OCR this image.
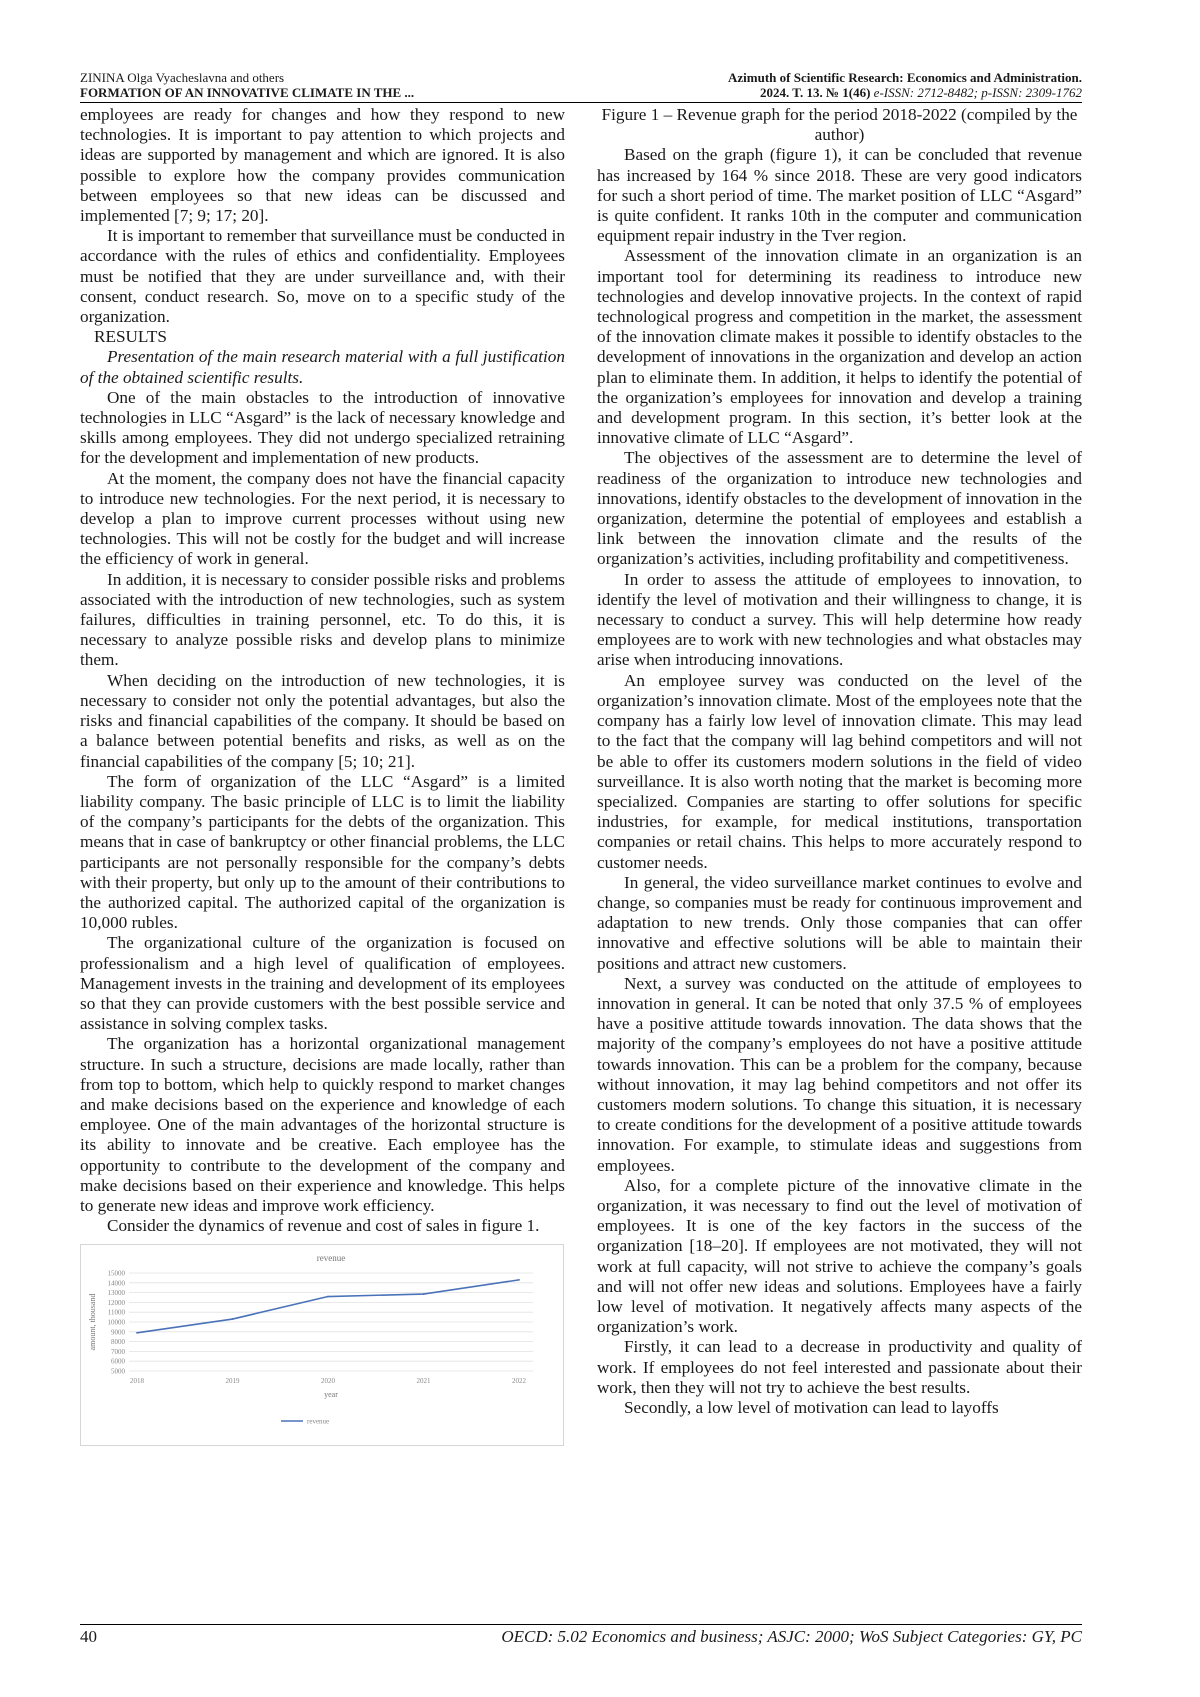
ZININA Olga Vyacheslavna and others
FORMATION OF AN INNOVATIVE CLIMATE IN THE ...
Azimuth of Scientific Research: Economics and Administration.
2024. T. 13. № 1(46) e-ISSN: 2712-8482; p-ISSN: 2309-1762

employees are ready for changes and how they respond to new technologies. It is important to pay attention to which projects and ideas are supported by management and which are ignored. It is also possible to explore how the company provides communication between employees so that new ideas can be discussed and implemented [7; 9; 17; 20].

It is important to remember that surveillance must be conducted in accordance with the rules of ethics and confidentiality. Employees must be notified that they are under surveillance and, with their consent, conduct research. So, move on to a specific study of the organization.

RESULTS

Presentation of the main research material with a full justification of the obtained scientific results.

One of the main obstacles to the introduction of innovative technologies in LLC “Asgard” is the lack of necessary knowledge and skills among employees. They did not undergo specialized retraining for the development and implementation of new products.

At the moment, the company does not have the financial capacity to introduce new technologies. For the next period, it is necessary to develop a plan to improve current processes without using new technologies. This will not be costly for the budget and will increase the efficiency of work in general.

In addition, it is necessary to consider possible risks and problems associated with the introduction of new technologies, such as system failures, difficulties in training personnel, etc. To do this, it is necessary to analyze possible risks and develop plans to minimize them.

When deciding on the introduction of new technologies, it is necessary to consider not only the potential advantages, but also the risks and financial capabilities of the company. It should be based on a balance between potential benefits and risks, as well as on the financial capabilities of the company [5; 10; 21].

The form of organization of the LLC “Asgard” is a limited liability company. The basic principle of LLC is to limit the liability of the company’s participants for the debts of the organization. This means that in case of bankruptcy or other financial problems, the LLC participants are not personally responsible for the company’s debts with their property, but only up to the amount of their contributions to the authorized capital. The authorized capital of the organization is 10,000 rubles.

The organizational culture of the organization is focused on professionalism and a high level of qualification of employees. Management invests in the training and development of its employees so that they can provide customers with the best possible service and assistance in solving complex tasks.

The organization has a horizontal organizational management structure. In such a structure, decisions are made locally, rather than from top to bottom, which help to quickly respond to market changes and make decisions based on the experience and knowledge of each employee. One of the main advantages of the horizontal structure is its ability to innovate and be creative. Each employee has the opportunity to contribute to the development of the company and make decisions based on their experience and knowledge. This helps to generate new ideas and improve work efficiency.

Consider the dynamics of revenue and cost of sales in figure 1.

revenue
5000
6000
7000
8000
9000
10000
11000
12000
13000
14000
15000
2018	2019	2020	2021	2022
year
amount, thousand
revenue

Figure 1 – Revenue graph for the period 2018-2022 (compiled by the author)

Based on the graph (figure 1), it can be concluded that revenue has increased by 164 % since 2018. These are very good indicators for such a short period of time. The market position of LLC “Asgard” is quite confident. It ranks 10th in the computer and communication equipment repair industry in the Tver region.

Assessment of the innovation climate in an organization is an important tool for determining its readiness to introduce new technologies and develop innovative projects. In the context of rapid technological progress and competition in the market, the assessment of the innovation climate makes it possible to identify obstacles to the development of innovations in the organization and develop an action plan to eliminate them. In addition, it helps to identify the potential of the organization’s employees for innovation and develop a training and development program. In this section, it’s better look at the innovative climate of LLC “Asgard”.

The objectives of the assessment are to determine the level of readiness of the organization to introduce new technologies and innovations, identify obstacles to the development of innovation in the organization, determine the potential of employees and establish a link between the innovation climate and the results of the organization’s activities, including profitability and competitiveness.

In order to assess the attitude of employees to innovation, to identify the level of motivation and their willingness to change, it is necessary to conduct a survey. This will help determine how ready employees are to work with new technologies and what obstacles may arise when introducing innovations.

An employee survey was conducted on the level of the organization’s innovation climate. Most of the employees note that the company has a fairly low level of innovation climate. This may lead to the fact that the company will lag behind competitors and will not be able to offer its customers modern solutions in the field of video surveillance. It is also worth noting that the market is becoming more specialized. Companies are starting to offer solutions for specific industries, for example, for medical institutions, transportation companies or retail chains. This helps to more accurately respond to customer needs.

In general, the video surveillance market continues to evolve and change, so companies must be ready for continuous improvement and adaptation to new trends. Only those companies that can offer innovative and effective solutions will be able to maintain their positions and attract new customers.

Next, a survey was conducted on the attitude of employees to innovation in general. It can be noted that only 37.5 % of employees have a positive attitude towards innovation. The data shows that the majority of the company’s employees do not have a positive attitude towards innovation. This can be a problem for the company, because without innovation, it may lag behind competitors and not offer its customers modern solutions. To change this situation, it is necessary to create conditions for the development of a positive attitude towards innovation. For example, to stimulate ideas and suggestions from employees.

Also, for a complete picture of the innovative climate in the organization, it was necessary to find out the level of motivation of employees. It is one of the key factors in the success of the organization [18–20]. If employees are not motivated, they will not work at full capacity, will not strive to achieve the company’s goals and will not offer new ideas and solutions. Employees have a fairly low level of motivation. It negatively affects many aspects of the organization’s work.

Firstly, it can lead to a decrease in productivity and quality of work. If employees do not feel interested and passionate about their work, then they will not try to achieve the best results.

Secondly, a low level of motivation can lead to layoffs

40	OECD: 5.02 Economics and business; ASJC: 2000; WoS Subject Categories: GY, PC
